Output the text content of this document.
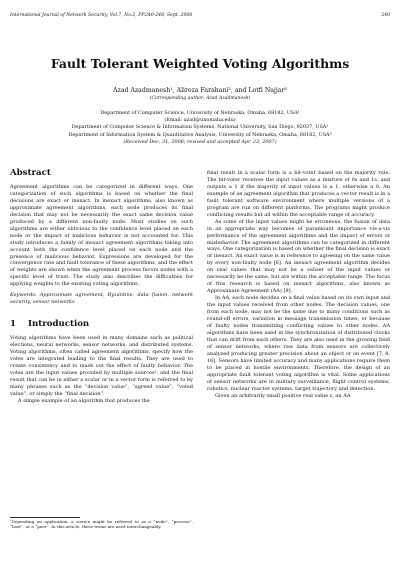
International Journal of Network Security, Vol.7, No.2, PP.240-248, Sept. 2008	240
Fault Tolerant Weighted Voting Algorithms
Azad Azadmanesh¹, Alireza Farahani², and Lotfi Najjar³
(Corresponding author: Azad Azadmanesh)
Department of Computer Science, University of Nebraska, Omaha, 68182, USA¹
(Email: azad@unomaha.edu)
Department of Computer Science & Information Systems, National University, San Diego, 92037, USA²
Department of Information System & Quantitative Analysis, University of Nebraska, Omaha, 68182, USA³
(Received Dec. 31, 2006; revised and accepted Apr. 23, 2007)
Abstract

Agreement algorithms can be categorized in different ways. One categorization of such algorithms is based on whether the final decisions are exact or inexact. In inexact algorithms, also known as approximate agreement algorithms, each node produces its final decision that may not be necessarily the exact same decision value produced by a different non-faulty node. Most studies on such algorithms are either oblivious to the confidence level placed on each node or the impact of malicious behavior is not accounted for. This study introduces a family of inexact agreement algorithms taking into account both the confidence level placed on each node and the presence of malicious behavior. Expressions are developed for the convergence rate and fault tolerance of these algorithms, and the effect of weights are shown when the agreement process favors nodes with a specific level of trust. The study also describes the difficulties for applying weights to the existing voting algorithms.

Keywords: Approximate agreement, Byzantine, data fusion, network security, sensor networks

1 Introduction

Voting algorithms have been used in many domains such as political elections, neural networks, sensor networks, and distributed systems. Voting algorithms, often called agreement algorithms, specify how the votes are integrated leading to the final results. They are used to create consistency and to mask out the effect of faulty behavior. The votes are the input values provided by multiple sources¹, and the final result that can be in either a scalar or in a vector form is referred to by many phrases such as the “decision value”, “agreed value”, “voted value”, or simply the “final decision”.

A simple example of an algorithm that produces the

final result in a scalar form is a bit-voter based on the majority rule. The bit-voter receives the input values as a mixture of 0s and 1s, and outputs a 1 if the majority of input values is a 1, otherwise a 0. An example of an agreement algorithm that produces a vector result is in a fault tolerant software environment where multiple versions of a program are run on different platforms. The programs might produce conflicting results but all within the acceptable range of accuracy.

As some of the input values might be erroneous, the fusion of data in an appropriate way becomes of paramount importance vis-a-vis performance of the agreement algorithms and the impact of errors or misbehavior. The agreement algorithms can be categorized in different ways. One categorization is based on whether the final decision is exact or inexact. An exact value is in reference to agreeing on the same value by every non-faulty node [6]. An inexact agreement algorithm decides on real values that may not be a subset of the input values or necessarily be the same, but are within the acceptable range. The focus of this research is based on inexact algorithms, also known as Approximate Agreement (AA) [9].

In AA, each node decides on a final value based on its own input and the input values received from other nodes. The decision values, one from each node, may not be the same due to many conditions such as round-off errors, variation in message transmission times, or because of faulty nodes transmitting conflicting values to other nodes. AA algorithms have been used in the synchronization of distributed clocks that can drift from each others. They are also used in the growing field of sensor networks, where raw data from sensors are collectively analyzed producing greater precision about an object or an event [7, 8, 16]. Sensors have limited accuracy and many applications require them to be placed in hostile environments. Therefore, the design of an appropriate fault tolerant voting algorithm is vital. Some applications of sensor networks are in military surveillance, flight control systems, robotics, nuclear reactor systems, target trajectory and detection.

Given an arbitrarily small positive real value ε, an AA

¹Depending on application, a source might be referred to as a “node”, “process”, “host”, or a “peer”. In this article, these terms are used interchangeably.
